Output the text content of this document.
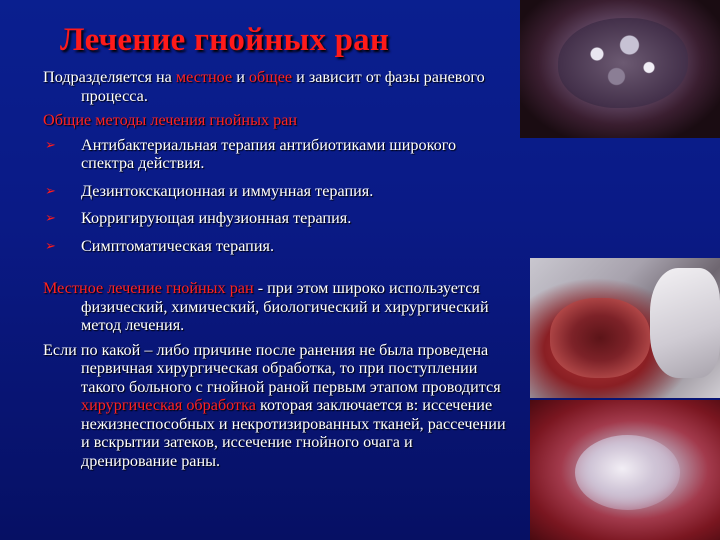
Лечение гнойных ран

Подразделяется на местное и общее и зависит от фазы раневого процесса.

Общие методы лечения гнойных ран

➢ Антибактериальная терапия антибиотиками широкого спектра действия.
➢ Дезинтокскационная и иммунная терапия.
➢ Корригирующая инфузионная терапия.
➢ Симптоматическая терапия.

Местное лечение гнойных ран - при этом широко используется физический, химический, биологический и хирургический метод лечения.

Если по какой – либо причине после ранения не была проведена первичная хирургическая обработка, то при поступлении такого больного с гнойной раной первым этапом проводится хирургическая обработка которая заключается в: иссечение нежизнеспособных и некротизированных тканей, рассечении и вскрытии затеков, иссечение гнойного очага и дренирование раны.
